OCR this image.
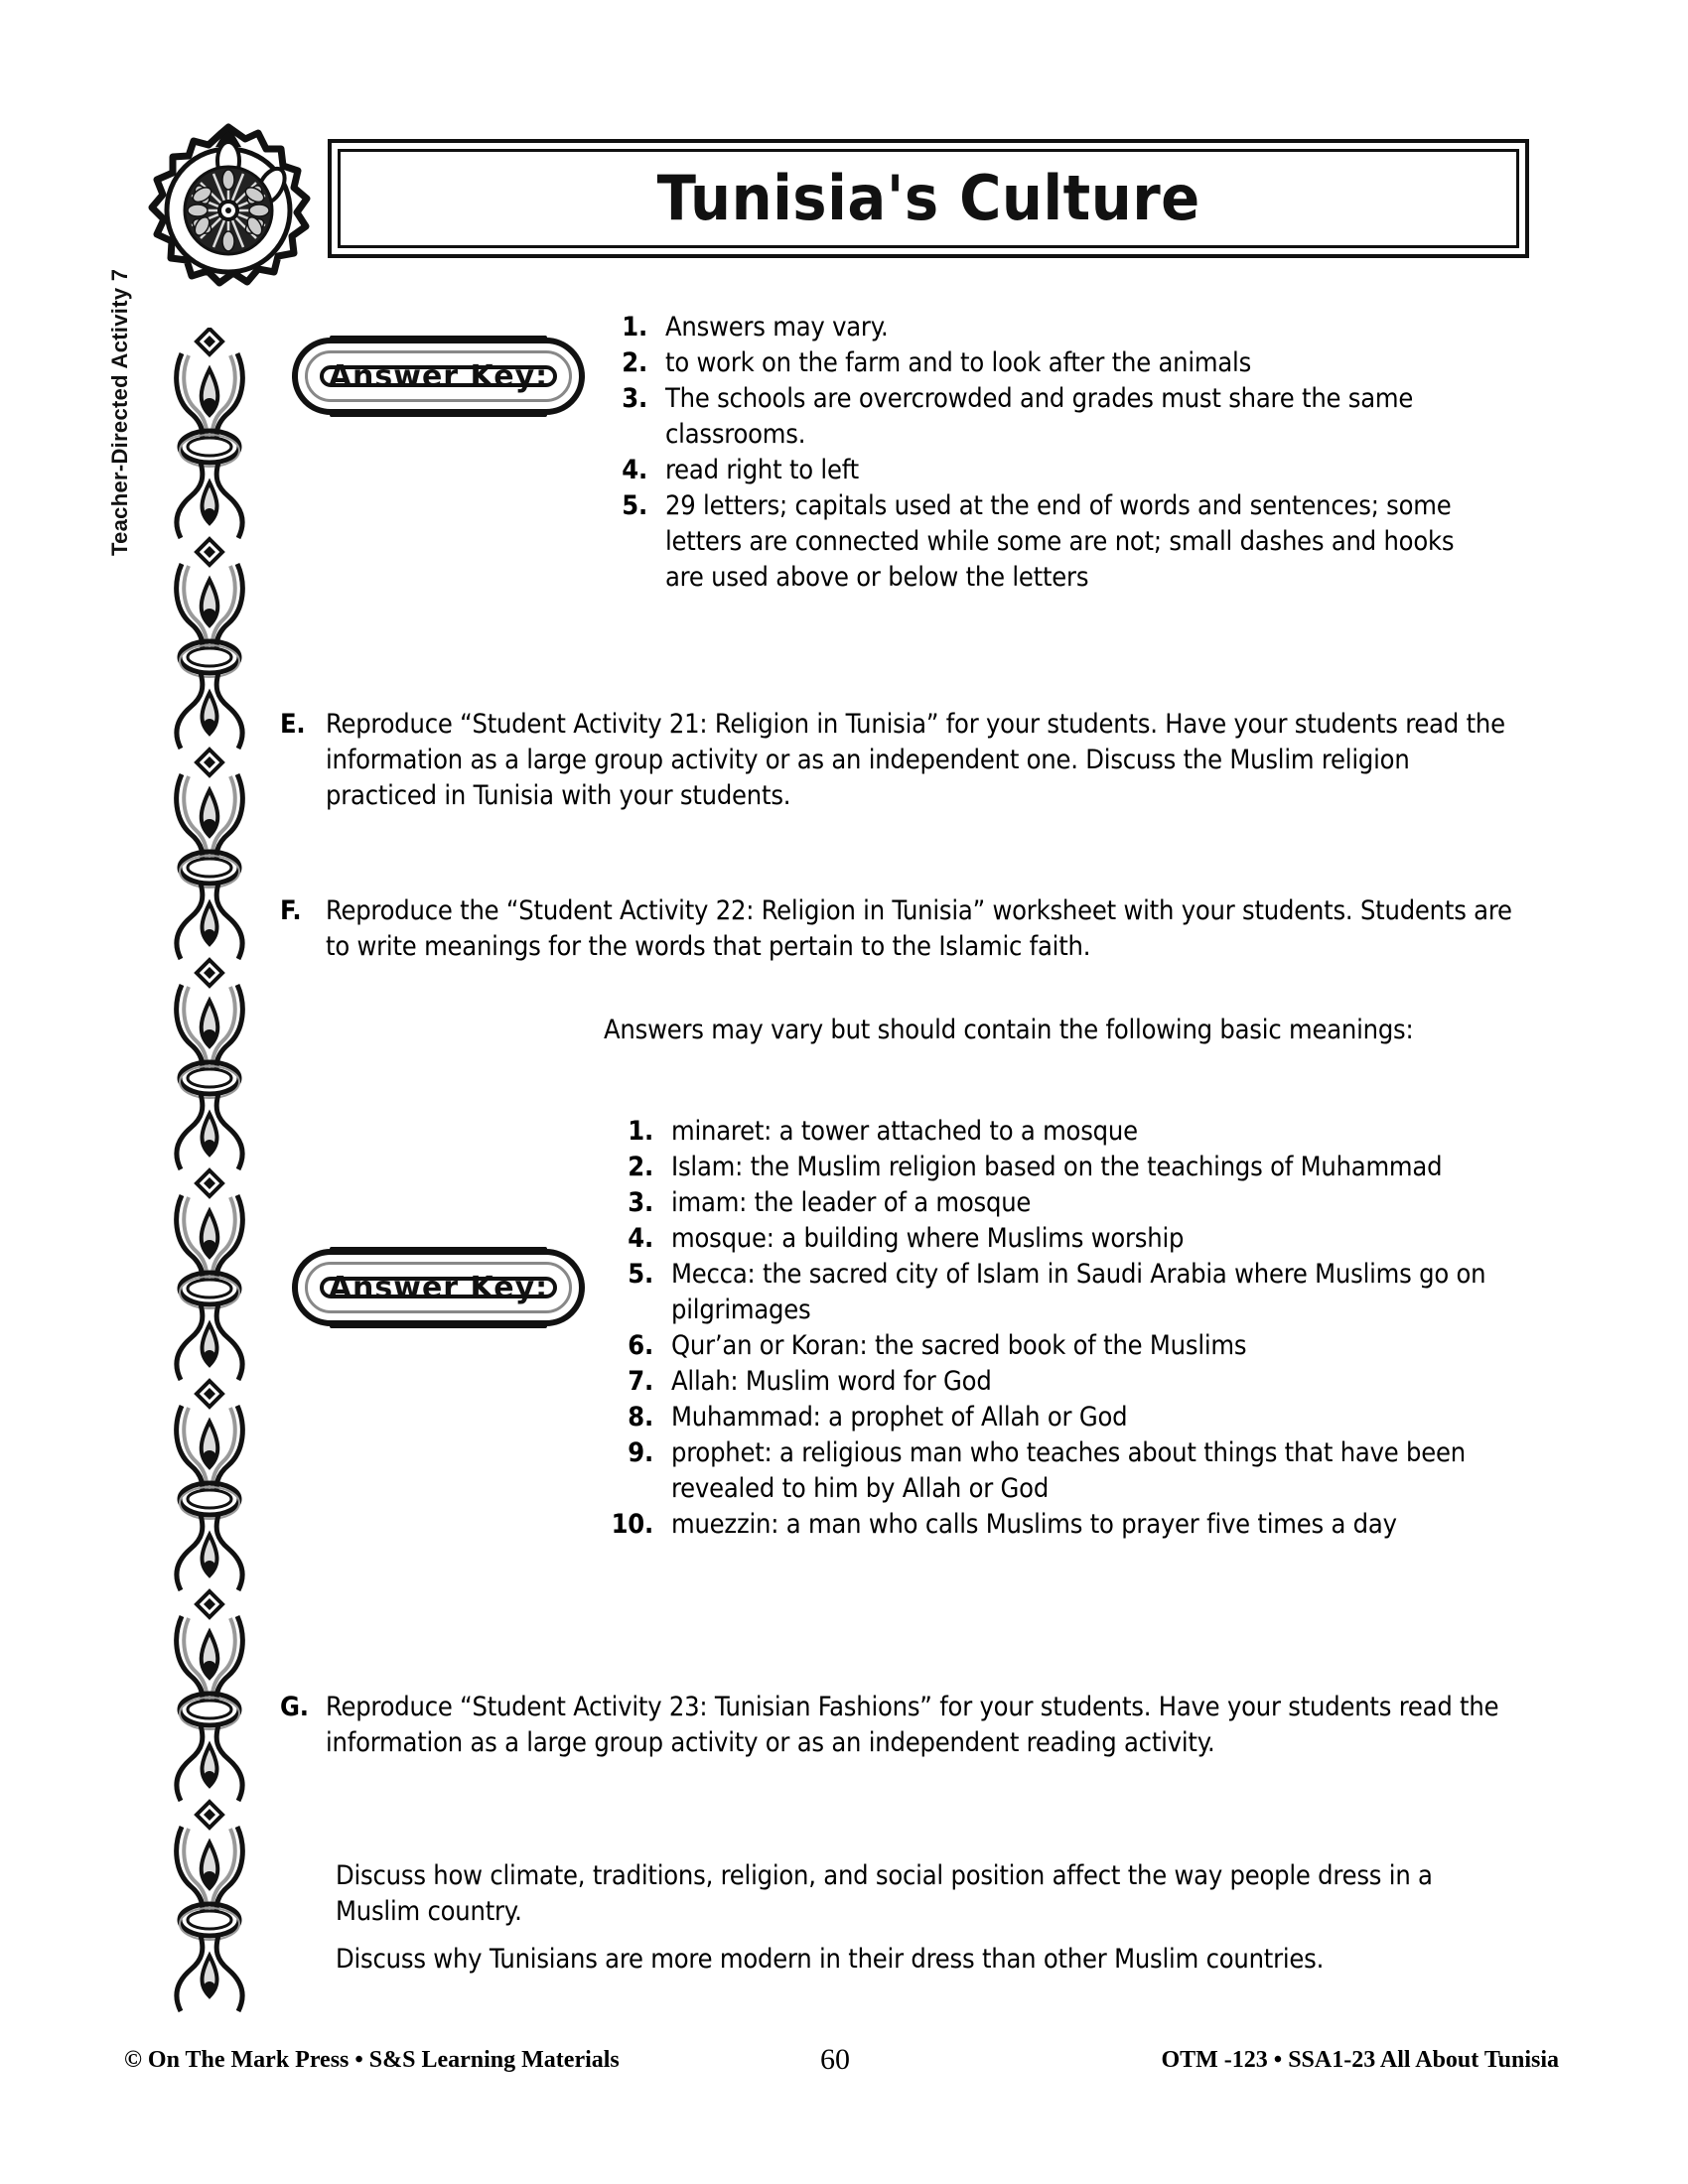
Tunisia's Culture
Teacher-Directed Activity 7	Answer Key:
1. Answers may vary.
2. to work on the farm and to look after the animals
3. The schools are overcrowded and grades must share the same classrooms.
4. read right to left
5. 29 letters; capitals used at the end of words and sentences; some letters are connected while some are not; small dashes and hooks are used above or below the letters
E. Reproduce “Student Activity 21: Religion in Tunisia” for your students. Have your students read the information as a large group activity or as an independent one. Discuss the Muslim religion practiced in Tunisia with your students.
F. Reproduce the “Student Activity 22: Religion in Tunisia” worksheet with your students. Students are to write meanings for the words that pertain to the Islamic faith.
Answers may vary but should contain the following basic meanings:
Answer Key:
1. minaret: a tower attached to a mosque
2. Islam: the Muslim religion based on the teachings of Muhammad
3. imam: the leader of a mosque
4. mosque: a building where Muslims worship
5. Mecca: the sacred city of Islam in Saudi Arabia where Muslims go on pilgrimages
6. Qur’an or Koran: the sacred book of the Muslims
7. Allah: Muslim word for God
8. Muhammad: a prophet of Allah or God
9. prophet: a religious man who teaches about things that have been revealed to him by Allah or God
10. muezzin: a man who calls Muslims to prayer five times a day
G. Reproduce “Student Activity 23: Tunisian Fashions” for your students. Have your students read the information as a large group activity or as an independent reading activity.
Discuss how climate, traditions, religion, and social position affect the way people dress in a Muslim country.
Discuss why Tunisians are more modern in their dress than other Muslim countries.
© On The Mark Press • S&S Learning Materials	60	OTM -123 • SSA1-23 All About Tunisia
